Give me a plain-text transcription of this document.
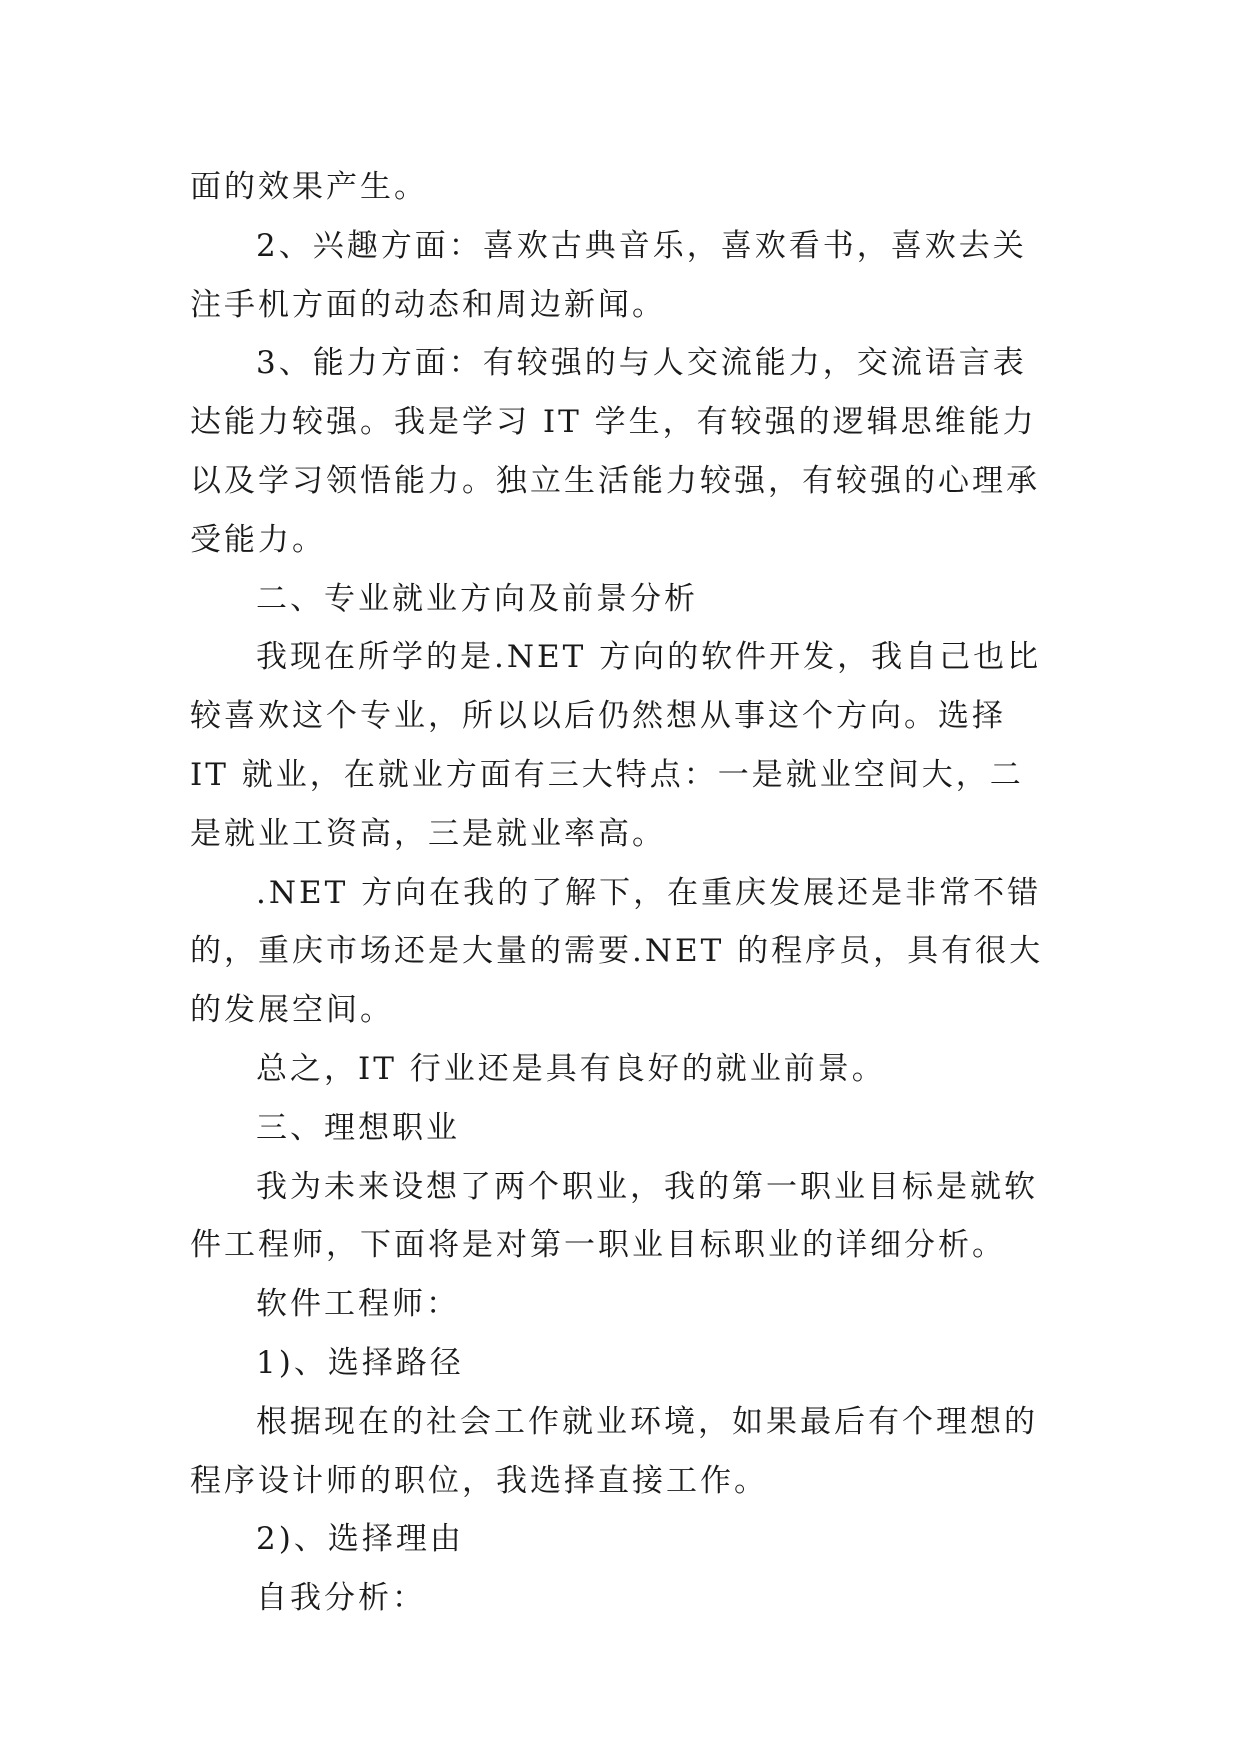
面的效果产生。

2、兴趣方面：喜欢古典音乐，喜欢看书，喜欢去关注手机方面的动态和周边新闻。

3、能力方面：有较强的与人交流能力，交流语言表达能力较强。我是学习 IT 学生，有较强的逻辑思维能力以及学习领悟能力。独立生活能力较强，有较强的心理承受能力。

二、专业就业方向及前景分析

我现在所学的是.NET 方向的软件开发，我自己也比较喜欢这个专业，所以以后仍然想从事这个方向。选择 IT 就业，在就业方面有三大特点：一是就业空间大，二是就业工资高，三是就业率高。

.NET 方向在我的了解下，在重庆发展还是非常不错的，重庆市场还是大量的需要.NET 的程序员，具有很大的发展空间。

总之，IT 行业还是具有良好的就业前景。

三、理想职业

我为未来设想了两个职业，我的第一职业目标是就软件工程师，下面将是对第一职业目标职业的详细分析。

软件工程师：

1)、选择路径

根据现在的社会工作就业环境，如果最后有个理想的程序设计师的职位，我选择直接工作。

2)、选择理由

自我分析：
